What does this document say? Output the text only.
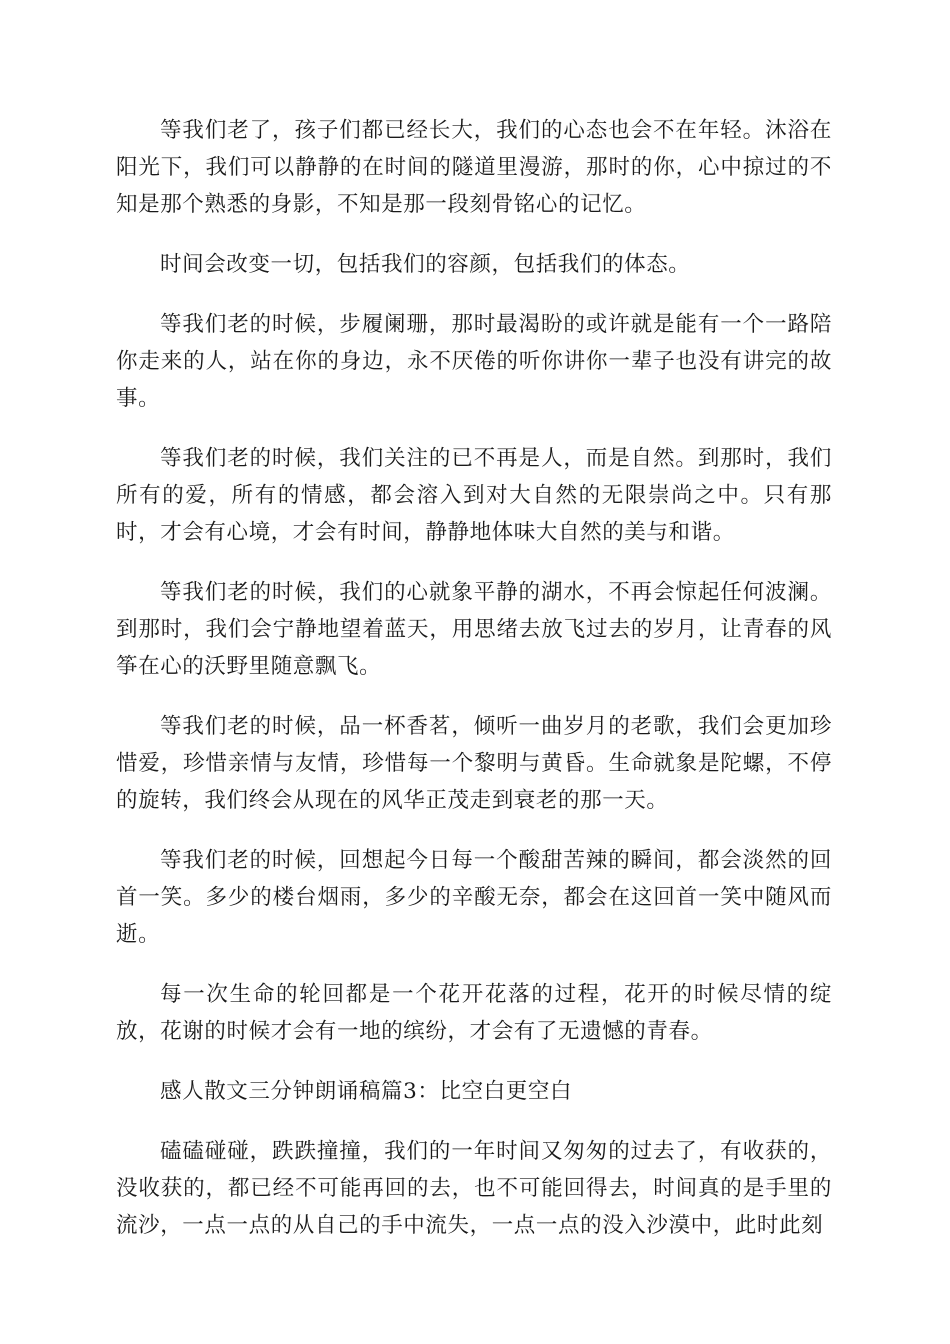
等我们老了，孩子们都已经长大，我们的心态也会不在年轻。沐浴在阳光下，我们可以静静的在时间的隧道里漫游，那时的你，心中掠过的不知是那个熟悉的身影，不知是那一段刻骨铭心的记忆。

时间会改变一切，包括我们的容颜，包括我们的体态。

等我们老的时候，步履阑珊，那时最渴盼的或许就是能有一个一路陪你走来的人，站在你的身边，永不厌倦的听你讲你一辈子也没有讲完的故事。

等我们老的时候，我们关注的已不再是人，而是自然。到那时，我们所有的爱，所有的情感，都会溶入到对大自然的无限崇尚之中。只有那时，才会有心境，才会有时间，静静地体味大自然的美与和谐。

等我们老的时候，我们的心就象平静的湖水，不再会惊起任何波澜。到那时，我们会宁静地望着蓝天，用思绪去放飞过去的岁月，让青春的风筝在心的沃野里随意飘飞。

等我们老的时候，品一杯香茗，倾听一曲岁月的老歌，我们会更加珍惜爱，珍惜亲情与友情，珍惜每一个黎明与黄昏。生命就象是陀螺，不停的旋转，我们终会从现在的风华正茂走到衰老的那一天。

等我们老的时候，回想起今日每一个酸甜苦辣的瞬间，都会淡然的回首一笑。多少的楼台烟雨，多少的辛酸无奈，都会在这回首一笑中随风而逝。

每一次生命的轮回都是一个花开花落的过程，花开的时候尽情的绽放，花谢的时候才会有一地的缤纷，才会有了无遗憾的青春。

感人散文三分钟朗诵稿篇3：比空白更空白

磕磕碰碰，跌跌撞撞，我们的一年时间又匆匆的过去了，有收获的，没收获的，都已经不可能再回的去，也不可能回得去，时间真的是手里的流沙，一点一点的从自己的手中流失，一点一点的没入沙漠中，此时此刻
